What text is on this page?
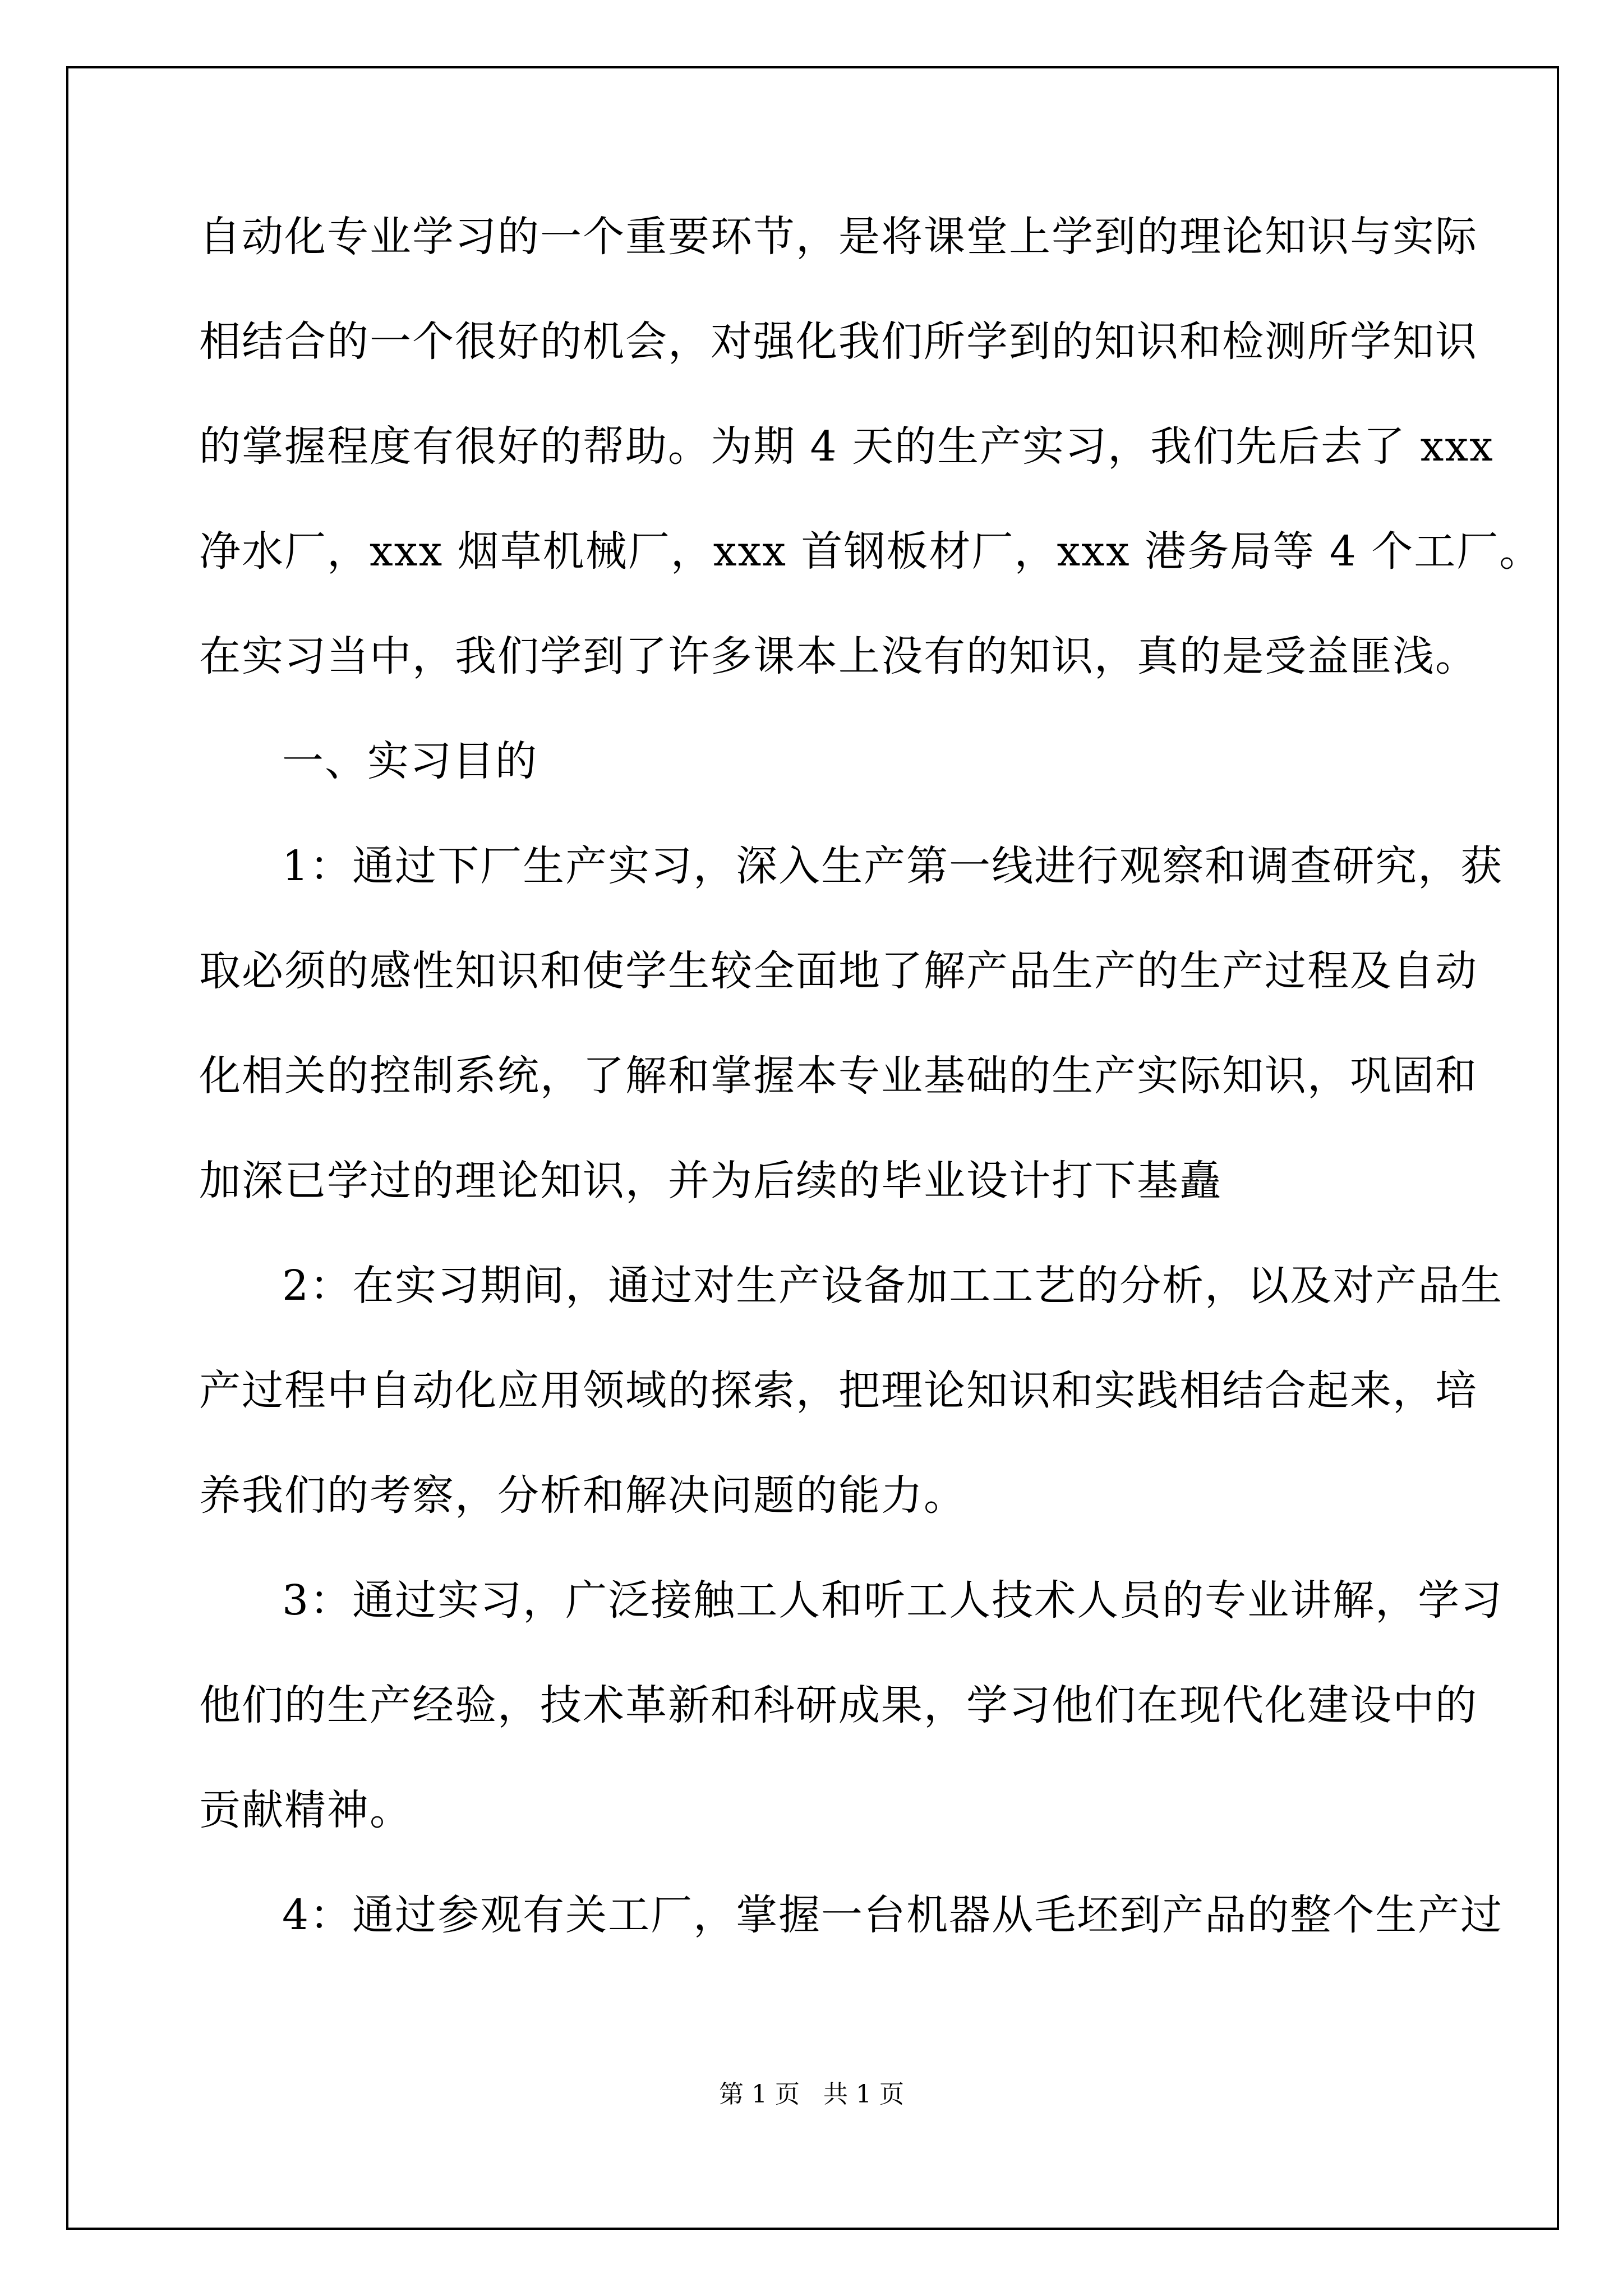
自动化专业学习的一个重要环节，是将课堂上学到的理论知识与实际
相结合的一个很好的机会，对强化我们所学到的知识和检测所学知识
的掌握程度有很好的帮助。为期 4 天的生产实习，我们先后去了 xxx
净水厂，xxx 烟草机械厂，xxx 首钢板材厂，xxx 港务局等 4 个工厂。
在实习当中，我们学到了许多课本上没有的知识，真的是受益匪浅。
一、实习目的
1：通过下厂生产实习，深入生产第一线进行观察和调查研究，获
取必须的感性知识和使学生较全面地了解产品生产的生产过程及自动
化相关的控制系统，了解和掌握本专业基础的生产实际知识，巩固和
加深已学过的理论知识，并为后续的毕业设计打下基矗
2：在实习期间，通过对生产设备加工工艺的分析，以及对产品生
产过程中自动化应用领域的探索，把理论知识和实践相结合起来，培
养我们的考察，分析和解决问题的能力。
3：通过实习，广泛接触工人和听工人技术人员的专业讲解，学习
他们的生产经验，技术革新和科研成果，学习他们在现代化建设中的
贡献精神。
4：通过参观有关工厂，掌握一台机器从毛坯到产品的整个生产过
第 1 页   共 1 页
